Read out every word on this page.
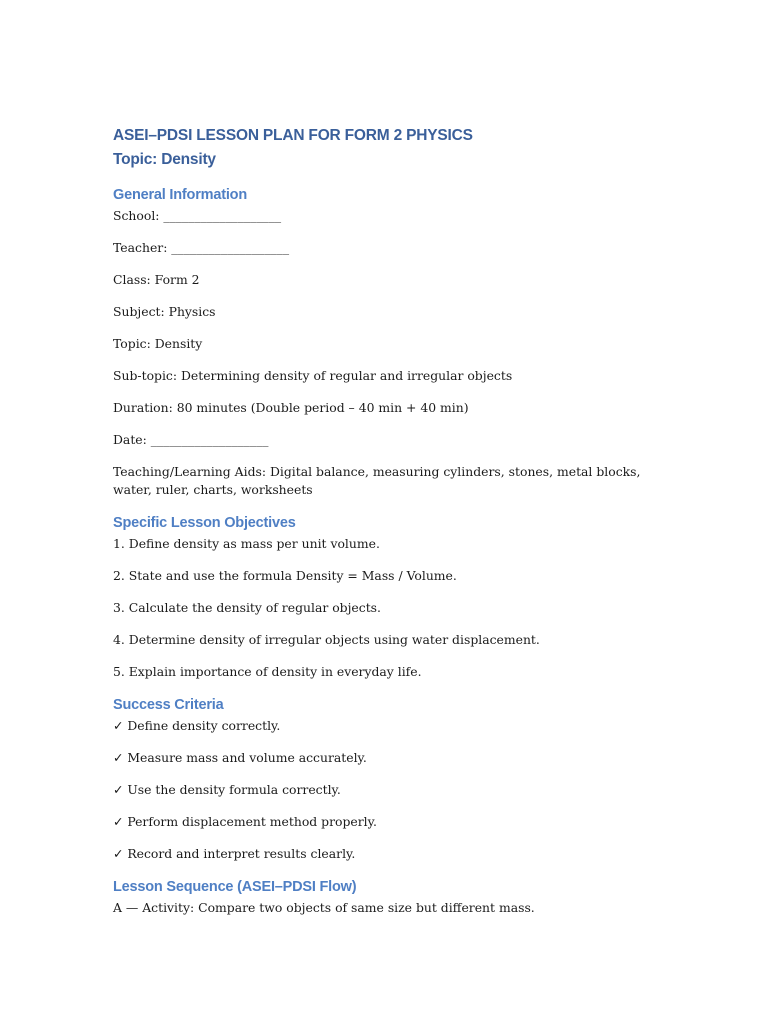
ASEI–PDSI LESSON PLAN FOR FORM 2 PHYSICS
Topic: Density
General Information

School: ___________________

Teacher: ___________________

Class: Form 2

Subject: Physics

Topic: Density

Sub-topic: Determining density of regular and irregular objects

Duration: 80 minutes (Double period – 40 min + 40 min)

Date: ___________________

Teaching/Learning Aids: Digital balance, measuring cylinders, stones, metal blocks, water, ruler, charts, worksheets

Specific Lesson Objectives

1. Define density as mass per unit volume.

2. State and use the formula Density = Mass / Volume.

3. Calculate the density of regular objects.

4. Determine density of irregular objects using water displacement.

5. Explain importance of density in everyday life.

Success Criteria

✓ Define density correctly.

✓ Measure mass and volume accurately.

✓ Use the density formula correctly.

✓ Perform displacement method properly.

✓ Record and interpret results clearly.

Lesson Sequence (ASEI–PDSI Flow)

A — Activity: Compare two objects of same size but different mass.
